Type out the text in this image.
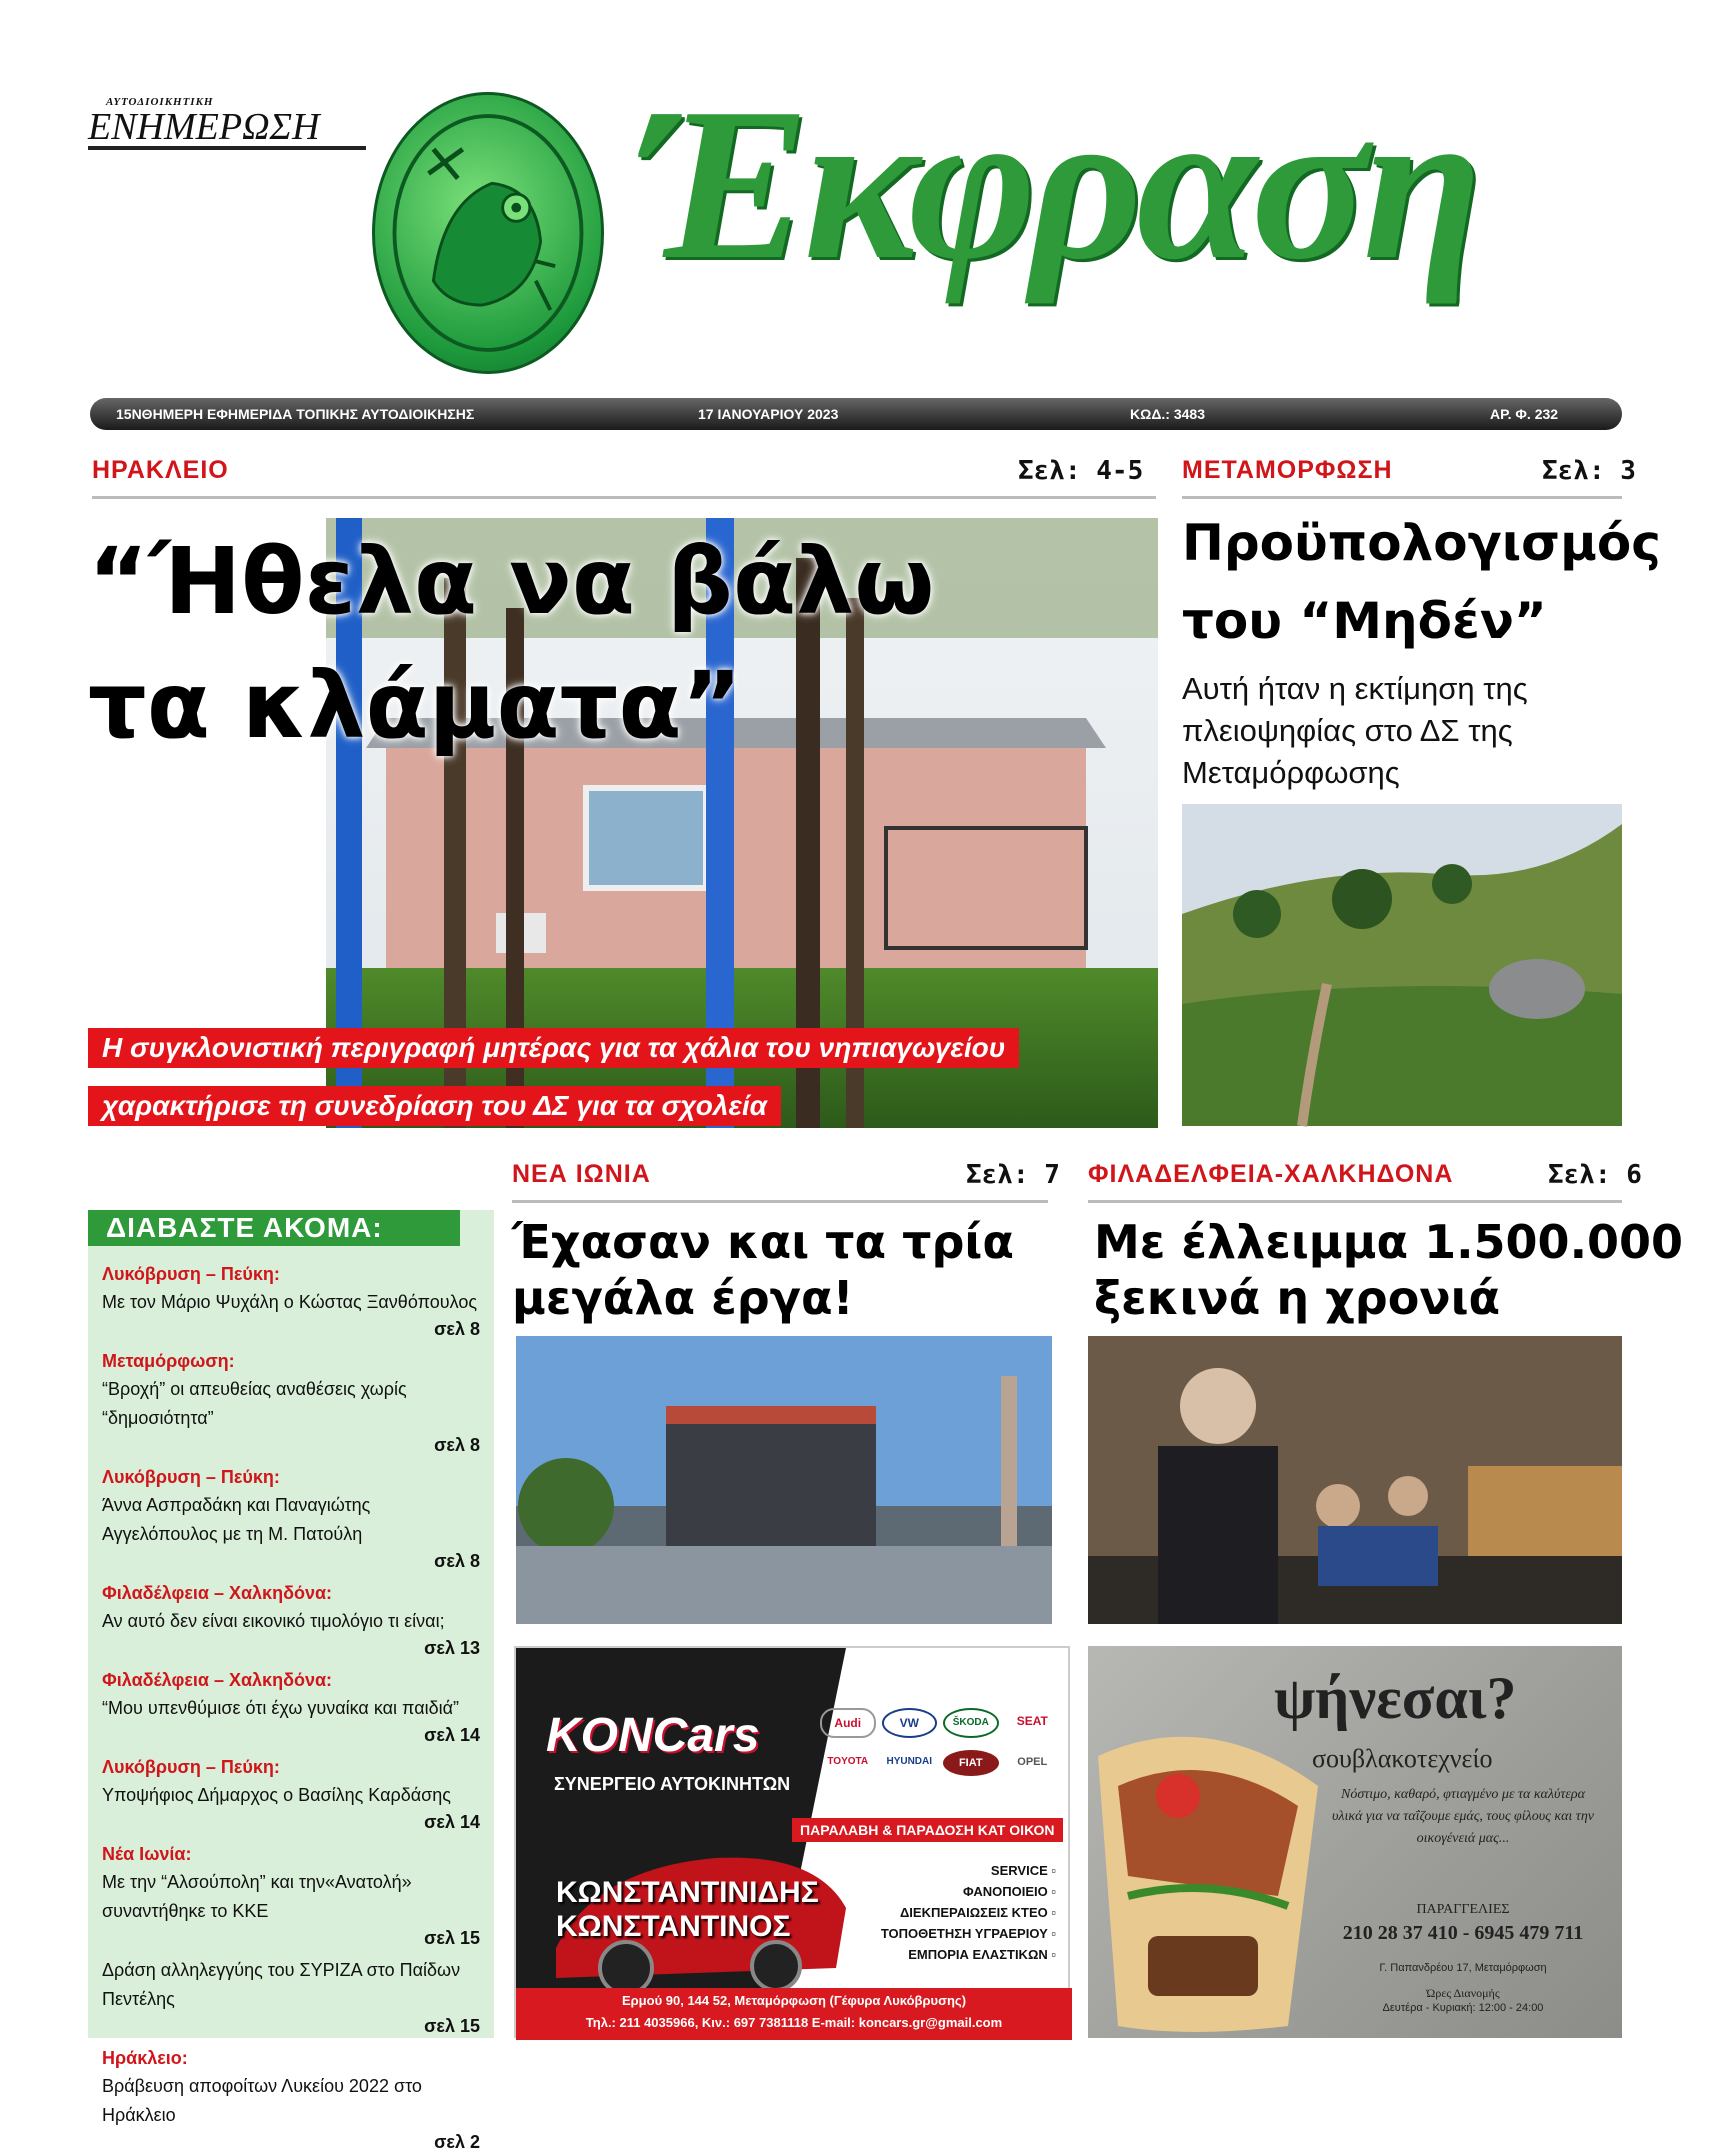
ΑΥΤΟΔΙΟΙΚΗΤΙΚΗ
ΕΝΗΜΕΡΩΣΗ Έκφραση
15ΝΘΗΜΕΡΗ ΕΦΗΜΕΡΙΔΑ ΤΟΠΙΚΗΣ ΑΥΤΟΔΙΟΙΚΗΣΗΣ	17 ΙΑΝΟΥΑΡΙΟΥ 2023	ΚΩΔ.: 3483	ΑΡ. Φ. 232
ΗΡΑΚΛΕΙΟ	Σελ: 4-5 ΜΕΤΑΜΟΡΦΩΣΗ	Σελ: 3
“Ήθελα να βάλω
τα κλάματα”
Η συγκλονιστική περιγραφή μητέρας για τα χάλια του νηπιαγωγείου
χαρακτήρισε τη συνεδρίαση του ΔΣ για τα σχολεία
Προϋπολογισμός
του “Μηδέν”
Αυτή ήταν η εκτίμηση της πλειοψηφίας στο ΔΣ της Μεταμόρφωσης
ΝΕΑ ΙΩΝΙΑ	Σελ: 7 ΦΙΛΑΔΕΛΦΕΙΑ-ΧΑΛΚΗΔΟΝΑ	Σελ: 6
Έχασαν και τα τρία
μεγάλα έργα!
Με έλλειμμα 1.500.000
ξεκινά η χρονιά
ΔΙΑΒΑΣΤΕ ΑΚΟΜΑ:
Λυκόβρυση – Πεύκη:
Με τον Μάριο Ψυχάλη ο Κώστας Ξανθόπουλος
σελ 8
Μεταμόρφωση:
“Βροχή” οι απευθείας αναθέσεις χωρίς “δημοσιότητα”
σελ 8
Λυκόβρυση – Πεύκη:
Άννα Ασπραδάκη και Παναγιώτης Αγγελόπουλος με τη Μ. Πατούλη
σελ 8
Φιλαδέλφεια – Χαλκηδόνα:
Αν αυτό δεν είναι εικονικό τιμολόγιο τι είναι;
σελ 13
Φιλαδέλφεια – Χαλκηδόνα:
“Μου υπενθύμισε ότι έχω γυναίκα και παιδιά”
σελ 14
Λυκόβρυση – Πεύκη:
Υποψήφιος Δήμαρχος ο Βασίλης Καρδάσης
σελ 14
Νέα Ιωνία:
Με την “Αλσούπολη” και την«Ανατολή» συναντήθηκε το ΚΚΕ
σελ 15
Δράση αλληλεγγύης του ΣΥΡΙΖΑ στο Παίδων Πεντέλης
σελ 15
Ηράκλειο:
Βράβευση αποφοίτων Λυκείου 2022 στο Ηράκλειο
σελ 2
KONCars
ΣΥΝΕΡΓΕΙΟ ΑΥΤΟΚΙΝΗΤΩΝ
Audi	VW	ŠKODA	SEAT
TOYOTA	HYUNDAI	FIAT	OPEL
ΠΑΡΑΛΑΒΗ & ΠΑΡΑΔΟΣΗ ΚΑΤ ΟΙΚΟΝ
ΚΩΝΣΤΑΝΤΙΝΙΔΗΣ
ΚΩΝΣΤΑΝΤΙΝΟΣ
SERVICE ▫
ΦΑΝΟΠΟΙΕΙΟ ▫
ΔΙΕΚΠΕΡΑΙΩΣΕΙΣ ΚΤΕΟ ▫
ΤΟΠΟΘΕΤΗΣΗ ΥΓΡΑΕΡΙΟΥ ▫
ΕΜΠΟΡΙΑ ΕΛΑΣΤΙΚΩΝ ▫
Ερμού 90, 144 52, Μεταμόρφωση (Γέφυρα Λυκόβρυσης)
Τηλ.: 211 4035966, Κιν.: 697 7381118 E-mail: koncars.gr@gmail.com
ψήνεσαι?
σουβλακοτεχνείο
Νόστιμο, καθαρό, φτιαγμένο με τα καλύτερα υλικά για να ταΐζουμε εμάς, τους φίλους και την οικογένειά μας...
ΠΑΡΑΓΓΕΛΙΕΣ
210 28 37 410 - 6945 479 711
Γ. Παπανδρέου 17, Μεταμόρφωση
Ώρες Διανομής
Δευτέρα - Κυριακή: 12:00 - 24:00
